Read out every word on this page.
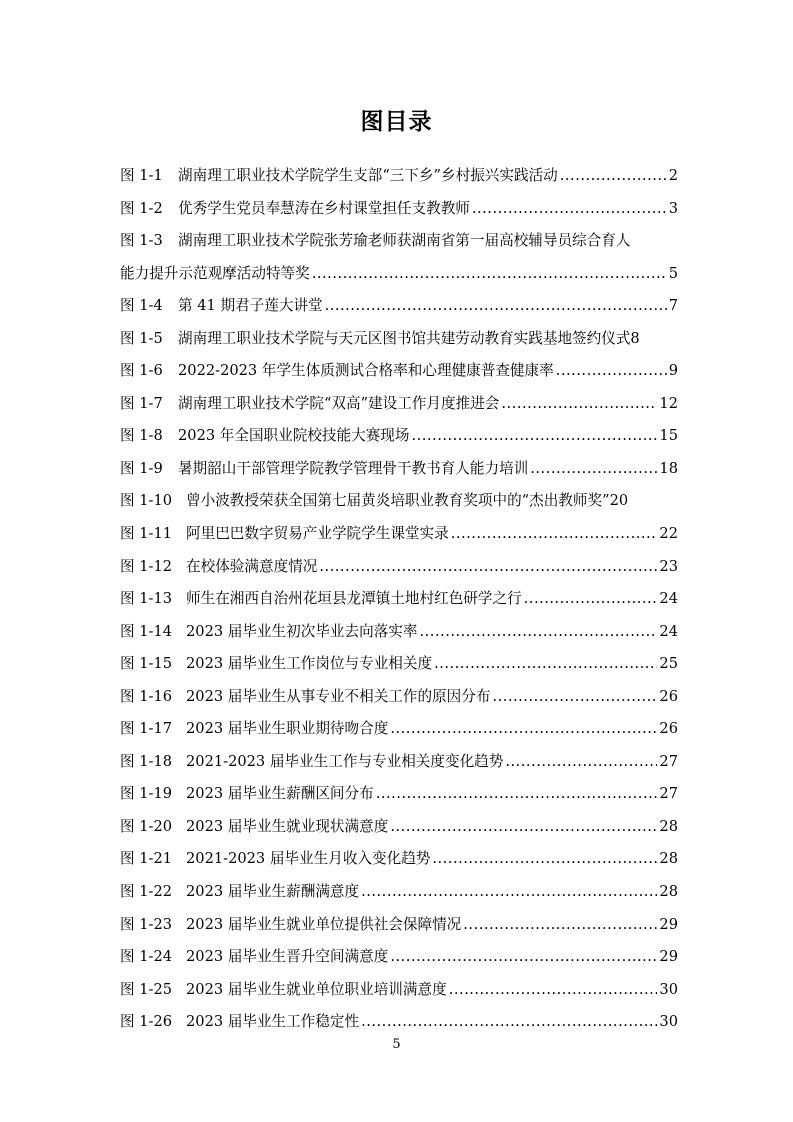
图目录
图 1-1	湖南理工职业技术学院学生支部“三下乡”乡村振兴实践活动 .....	2
图 1-2	优秀学生党员奉慧涛在乡村课堂担任支教教师 .....	3
图 1-3	湖南理工职业技术学院张芳瑜老师获湖南省第一届高校辅导员综合育人
能力提升示范观摩活动特等奖 .....	5
图 1-4	第 41 期君子莲大讲堂 .....	7
图 1-5	湖南理工职业技术学院与天元区图书馆共建劳动教育实践基地签约仪式 8
图 1-6	2022-2023 年学生体质测试合格率和心理健康普查健康率 .....	9
图 1-7	湖南理工职业技术学院“双高”建设工作月度推进会 .....	12
图 1-8	2023 年全国职业院校技能大赛现场 .....	15
图 1-9	暑期韶山干部管理学院教学管理骨干教书育人能力培训 .....	18
图 1-10 曾小波教授荣获全国第七届黄炎培职业教育奖项中的“杰出教师奖” 20
图 1-11 阿里巴巴数字贸易产业学院学生课堂实录 .....	22
图 1-12 在校体验满意度情况 .....	23
图 1-13 师生在湘西自治州花垣县龙潭镇土地村红色研学之行 .....	24
图 1-14 2023 届毕业生初次毕业去向落实率 .....	24
图 1-15 2023 届毕业生工作岗位与专业相关度 .....	25
图 1-16 2023 届毕业生从事专业不相关工作的原因分布 .....	26
图 1-17 2023 届毕业生职业期待吻合度 .....	26
图 1-18 2021-2023 届毕业生工作与专业相关度变化趋势 .....	27
图 1-19 2023 届毕业生薪酬区间分布 .....	27
图 1-20 2023 届毕业生就业现状满意度 .....	28
图 1-21 2021-2023 届毕业生月收入变化趋势 .....	28
图 1-22 2023 届毕业生薪酬满意度 .....	28
图 1-23 2023 届毕业生就业单位提供社会保障情况 .....	29
图 1-24 2023 届毕业生晋升空间满意度 .....	29
图 1-25 2023 届毕业生就业单位职业培训满意度 .....	30
图 1-26 2023 届毕业生工作稳定性 .....	30
5
